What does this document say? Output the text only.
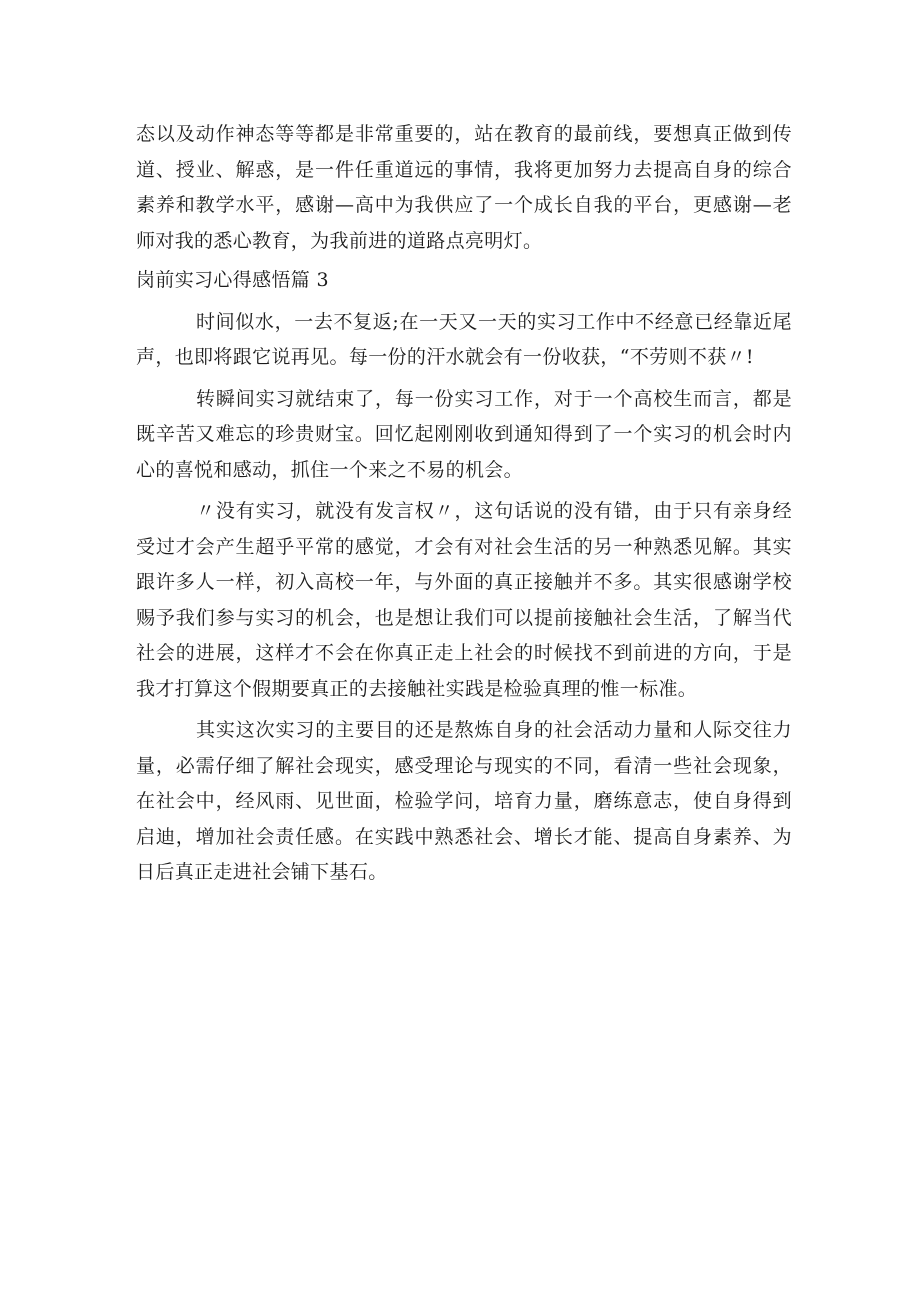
态以及动作神态等等都是非常重要的，站在教育的最前线，要想真正做到传道、授业、解惑，是一件任重道远的事情，我将更加努力去提高自身的综合素养和教学水平，感谢—高中为我供应了一个成长自我的平台，更感谢—老师对我的悉心教育，为我前进的道路点亮明灯。

岗前实习心得感悟篇 3

时间似水，一去不复返;在一天又一天的实习工作中不经意已经靠近尾声，也即将跟它说再见。每一份的汗水就会有一份收获，“不劳则不获〃!

转瞬间实习就结束了，每一份实习工作，对于一个高校生而言，都是既辛苦又难忘的珍贵财宝。回忆起刚刚收到通知得到了一个实习的机会时内心的喜悦和感动，抓住一个来之不易的机会。

〃没有实习，就没有发言权〃，这句话说的没有错，由于只有亲身经受过才会产生超乎平常的感觉，才会有对社会生活的另一种熟悉见解。其实跟许多人一样，初入高校一年，与外面的真正接触并不多。其实很感谢学校赐予我们参与实习的机会，也是想让我们可以提前接触社会生活，了解当代社会的进展，这样才不会在你真正走上社会的时候找不到前进的方向，于是我才打算这个假期要真正的去接触社实践是检验真理的惟一标准。

其实这次实习的主要目的还是熬炼自身的社会活动力量和人际交往力量，必需仔细了解社会现实，感受理论与现实的不同，看清一些社会现象，在社会中，经风雨、见世面，检验学问，培育力量，磨练意志，使自身得到启迪，增加社会责任感。在实践中熟悉社会、增长才能、提高自身素养、为日后真正走进社会铺下基石。
